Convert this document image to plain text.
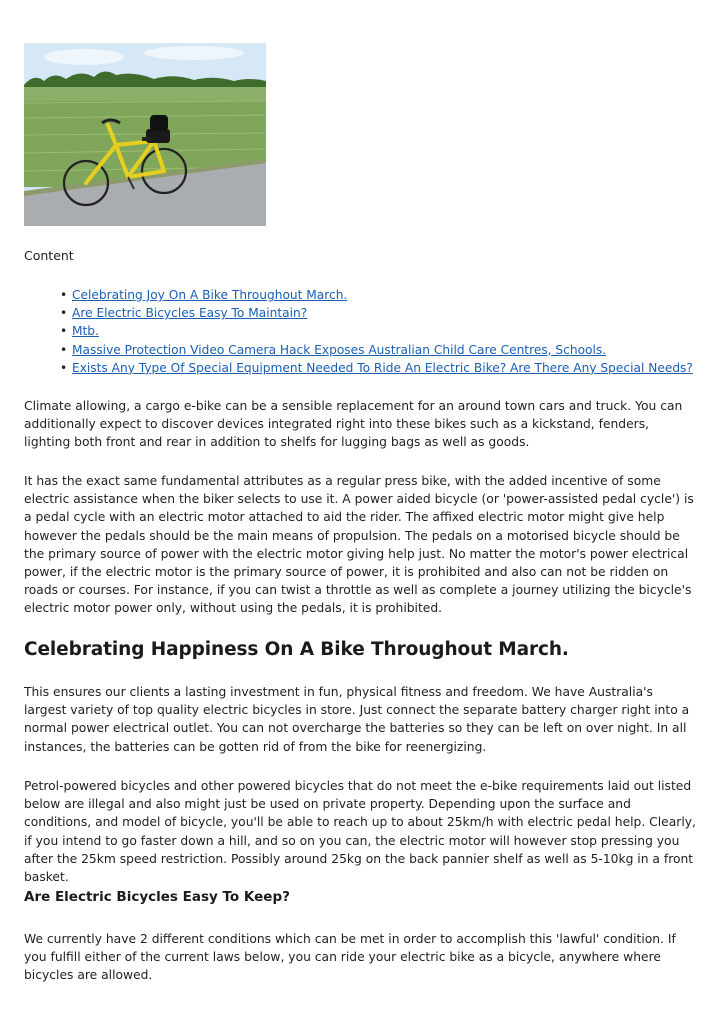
Content
• Celebrating Joy On A Bike Throughout March.
• Are Electric Bicycles Easy To Maintain?
• Mtb.
• Massive Protection Video Camera Hack Exposes Australian Child Care Centres, Schools.
• Exists Any Type Of Special Equipment Needed To Ride An Electric Bike? Are There Any Special Needs?

Climate allowing, a cargo e-bike can be a sensible replacement for an around town cars and truck. You can additionally expect to discover devices integrated right into these bikes such as a kickstand, fenders, lighting both front and rear in addition to shelfs for lugging bags as well as goods.

It has the exact same fundamental attributes as a regular press bike, with the added incentive of some electric assistance when the biker selects to use it. A power aided bicycle (or 'power-assisted pedal cycle') is a pedal cycle with an electric motor attached to aid the rider. The affixed electric motor might give help however the pedals should be the main means of propulsion. The pedals on a motorised bicycle should be the primary source of power with the electric motor giving help just. No matter the motor's power electrical power, if the electric motor is the primary source of power, it is prohibited and also can not be ridden on roads or courses. For instance, if you can twist a throttle as well as complete a journey utilizing the bicycle's electric motor power only, without using the pedals, it is prohibited.

Celebrating Happiness On A Bike Throughout March.

This ensures our clients a lasting investment in fun, physical fitness and freedom. We have Australia's largest variety of top quality electric bicycles in store. Just connect the separate battery charger right into a normal power electrical outlet. You can not overcharge the batteries so they can be left on over night. In all instances, the batteries can be gotten rid of from the bike for reenergizing.

Petrol-powered bicycles and other powered bicycles that do not meet the e-bike requirements laid out listed below are illegal and also might just be used on private property. Depending upon the surface and conditions, and model of bicycle, you'll be able to reach up to about 25km/h with electric pedal help. Clearly, if you intend to go faster down a hill, and so on you can, the electric motor will however stop pressing you after the 25km speed restriction. Possibly around 25kg on the back pannier shelf as well as 5-10kg in a front basket.

Are Electric Bicycles Easy To Keep?

We currently have 2 different conditions which can be met in order to accomplish this 'lawful' condition. If you fulfill either of the current laws below, you can ride your electric bike as a bicycle, anywhere where bicycles are allowed.
